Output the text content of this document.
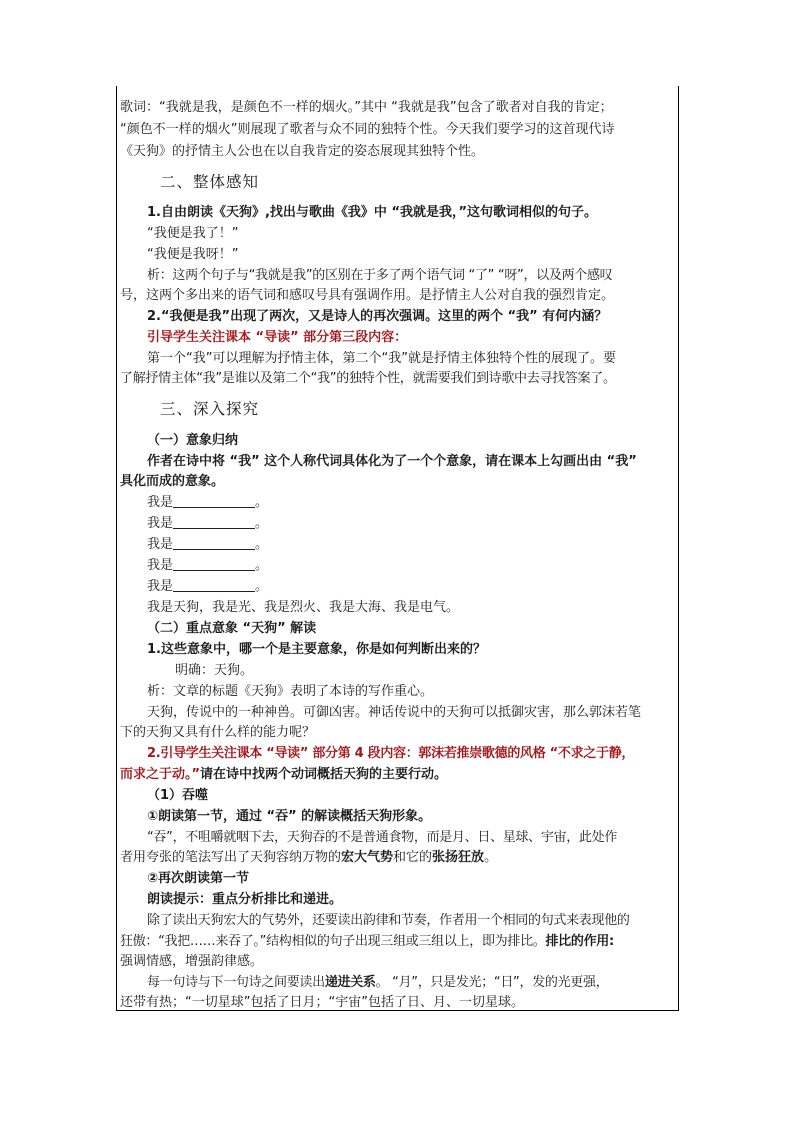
歌词：“我就是我，是颜色不一样的烟火。”其中 “我就是我”包含了歌者对自我的肯定；
“颜色不一样的烟火”则展现了歌者与众不同的独特个性。今天我们要学习的这首现代诗
《天狗》的抒情主人公也在以自我肯定的姿态展现其独特个性。
二、整体感知
1.自由朗读《天狗》,找出与歌曲《我》中 “我就是我，”这句歌词相似的句子。
“我便是我了！”
“我便是我呀！”
析：这两个句子与“我就是我”的区别在于多了两个语气词 “了” “呀”，以及两个感叹
号，这两个多出来的语气词和感叹号具有强调作用。是抒情主人公对自我的强烈肯定。
2.“我便是我”出现了两次，又是诗人的再次强调。这里的两个 “我” 有何内涵？
引导学生关注课本 “导读” 部分第三段内容：
第一个“我”可以理解为抒情主体，第二个“我”就是抒情主体独特个性的展现了。要
了解抒情主体“我”是谁以及第二个“我”的独特个性，就需要我们到诗歌中去寻找答案了。
三、深入探究
（一）意象归纳
作者在诗中将 “我” 这个人称代词具体化为了一个个意象，请在课本上勾画出由 “我”
具化而成的意象。
我是	。
我是	。
我是	。
我是	。
我是	。
我是天狗，我是光、我是烈火、我是大海、我是电气。
（二）重点意象 “天狗” 解读
1.这些意象中，哪一个是主要意象，你是如何判断出来的？
明确：天狗。
析：文章的标题《天狗》表明了本诗的写作重心。
天狗，传说中的一种神兽。可御凶害。神话传说中的天狗可以抵御灾害，那么郭沫若笔
下的天狗又具有什么样的能力呢？
2.引导学生关注课本 “导读” 部分第 4 段内容：郭沫若推崇歌德的风格 “不求之于静，
而求之于动。”请在诗中找两个动词概括天狗的主要行动。
（1）吞噬
①朗读第一节，通过 “吞” 的解读概括天狗形象。
“吞”，不咀嚼就咽下去，天狗吞的不是普通食物，而是月、日、星球、宇宙，此处作
者用夸张的笔法写出了天狗容纳万物的宏大气势和它的张扬狂放。
②再次朗读第一节
朗读提示：重点分析排比和递进。
除了读出天狗宏大的气势外，还要读出韵律和节奏，作者用一个相同的句式来表现他的
狂傲：“我把……来吞了。”结构相似的句子出现三组或三组以上，即为排比。排比的作用:
强调情感，增强韵律感。
每一句诗与下一句诗之间要读出递进关系。 “月”，只是发光；“日”，发的光更强，
还带有热；“一切星球”包括了日月；“宇宙”包括了日、月、一切星球。
